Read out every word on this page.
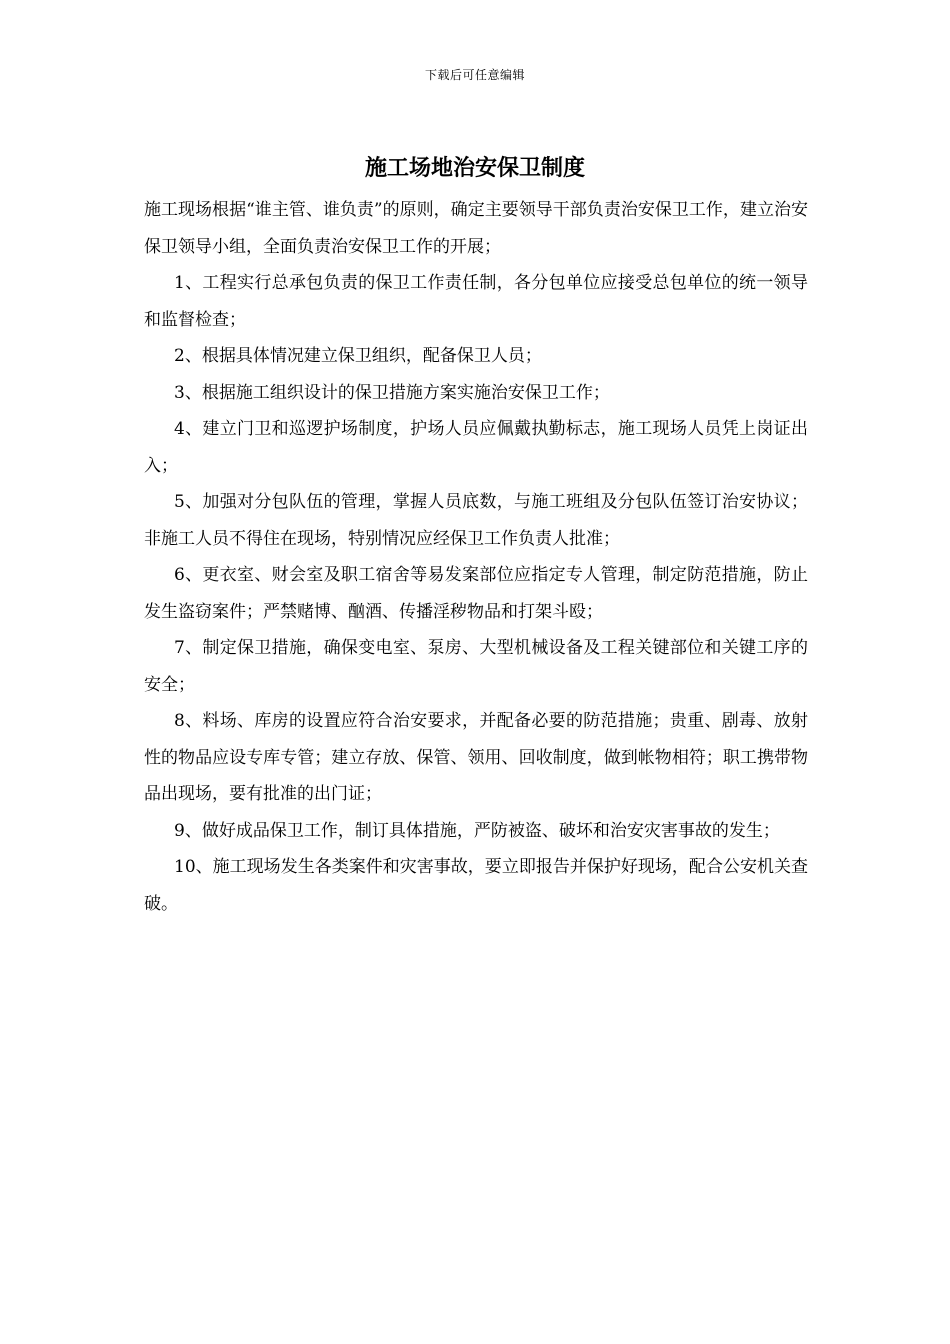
下载后可任意编辑
施工场地治安保卫制度

施工现场根据“谁主管、谁负责”的原则，确定主要领导干部负责治安保卫工作，建立治安保卫领导小组，全面负责治安保卫工作的开展；

1、工程实行总承包负责的保卫工作责任制，各分包单位应接受总包单位的统一领导和监督检查；

2、根据具体情况建立保卫组织，配备保卫人员；

3、根据施工组织设计的保卫措施方案实施治安保卫工作；

4、建立门卫和巡逻护场制度，护场人员应佩戴执勤标志，施工现场人员凭上岗证出入；

5、加强对分包队伍的管理，掌握人员底数，与施工班组及分包队伍签订治安协议；非施工人员不得住在现场，特别情况应经保卫工作负责人批准；

6、更衣室、财会室及职工宿舍等易发案部位应指定专人管理，制定防范措施，防止发生盗窃案件；严禁赌博、酗酒、传播淫秽物品和打架斗殴；

7、制定保卫措施，确保变电室、泵房、大型机械设备及工程关键部位和关键工序的安全；

8、料场、库房的设置应符合治安要求，并配备必要的防范措施；贵重、剧毒、放射性的物品应设专库专管；建立存放、保管、领用、回收制度，做到帐物相符；职工携带物品出现场，要有批准的出门证；

9、做好成品保卫工作，制订具体措施，严防被盗、破坏和治安灾害事故的发生；

10、施工现场发生各类案件和灾害事故，要立即报告并保护好现场，配合公安机关查破。
